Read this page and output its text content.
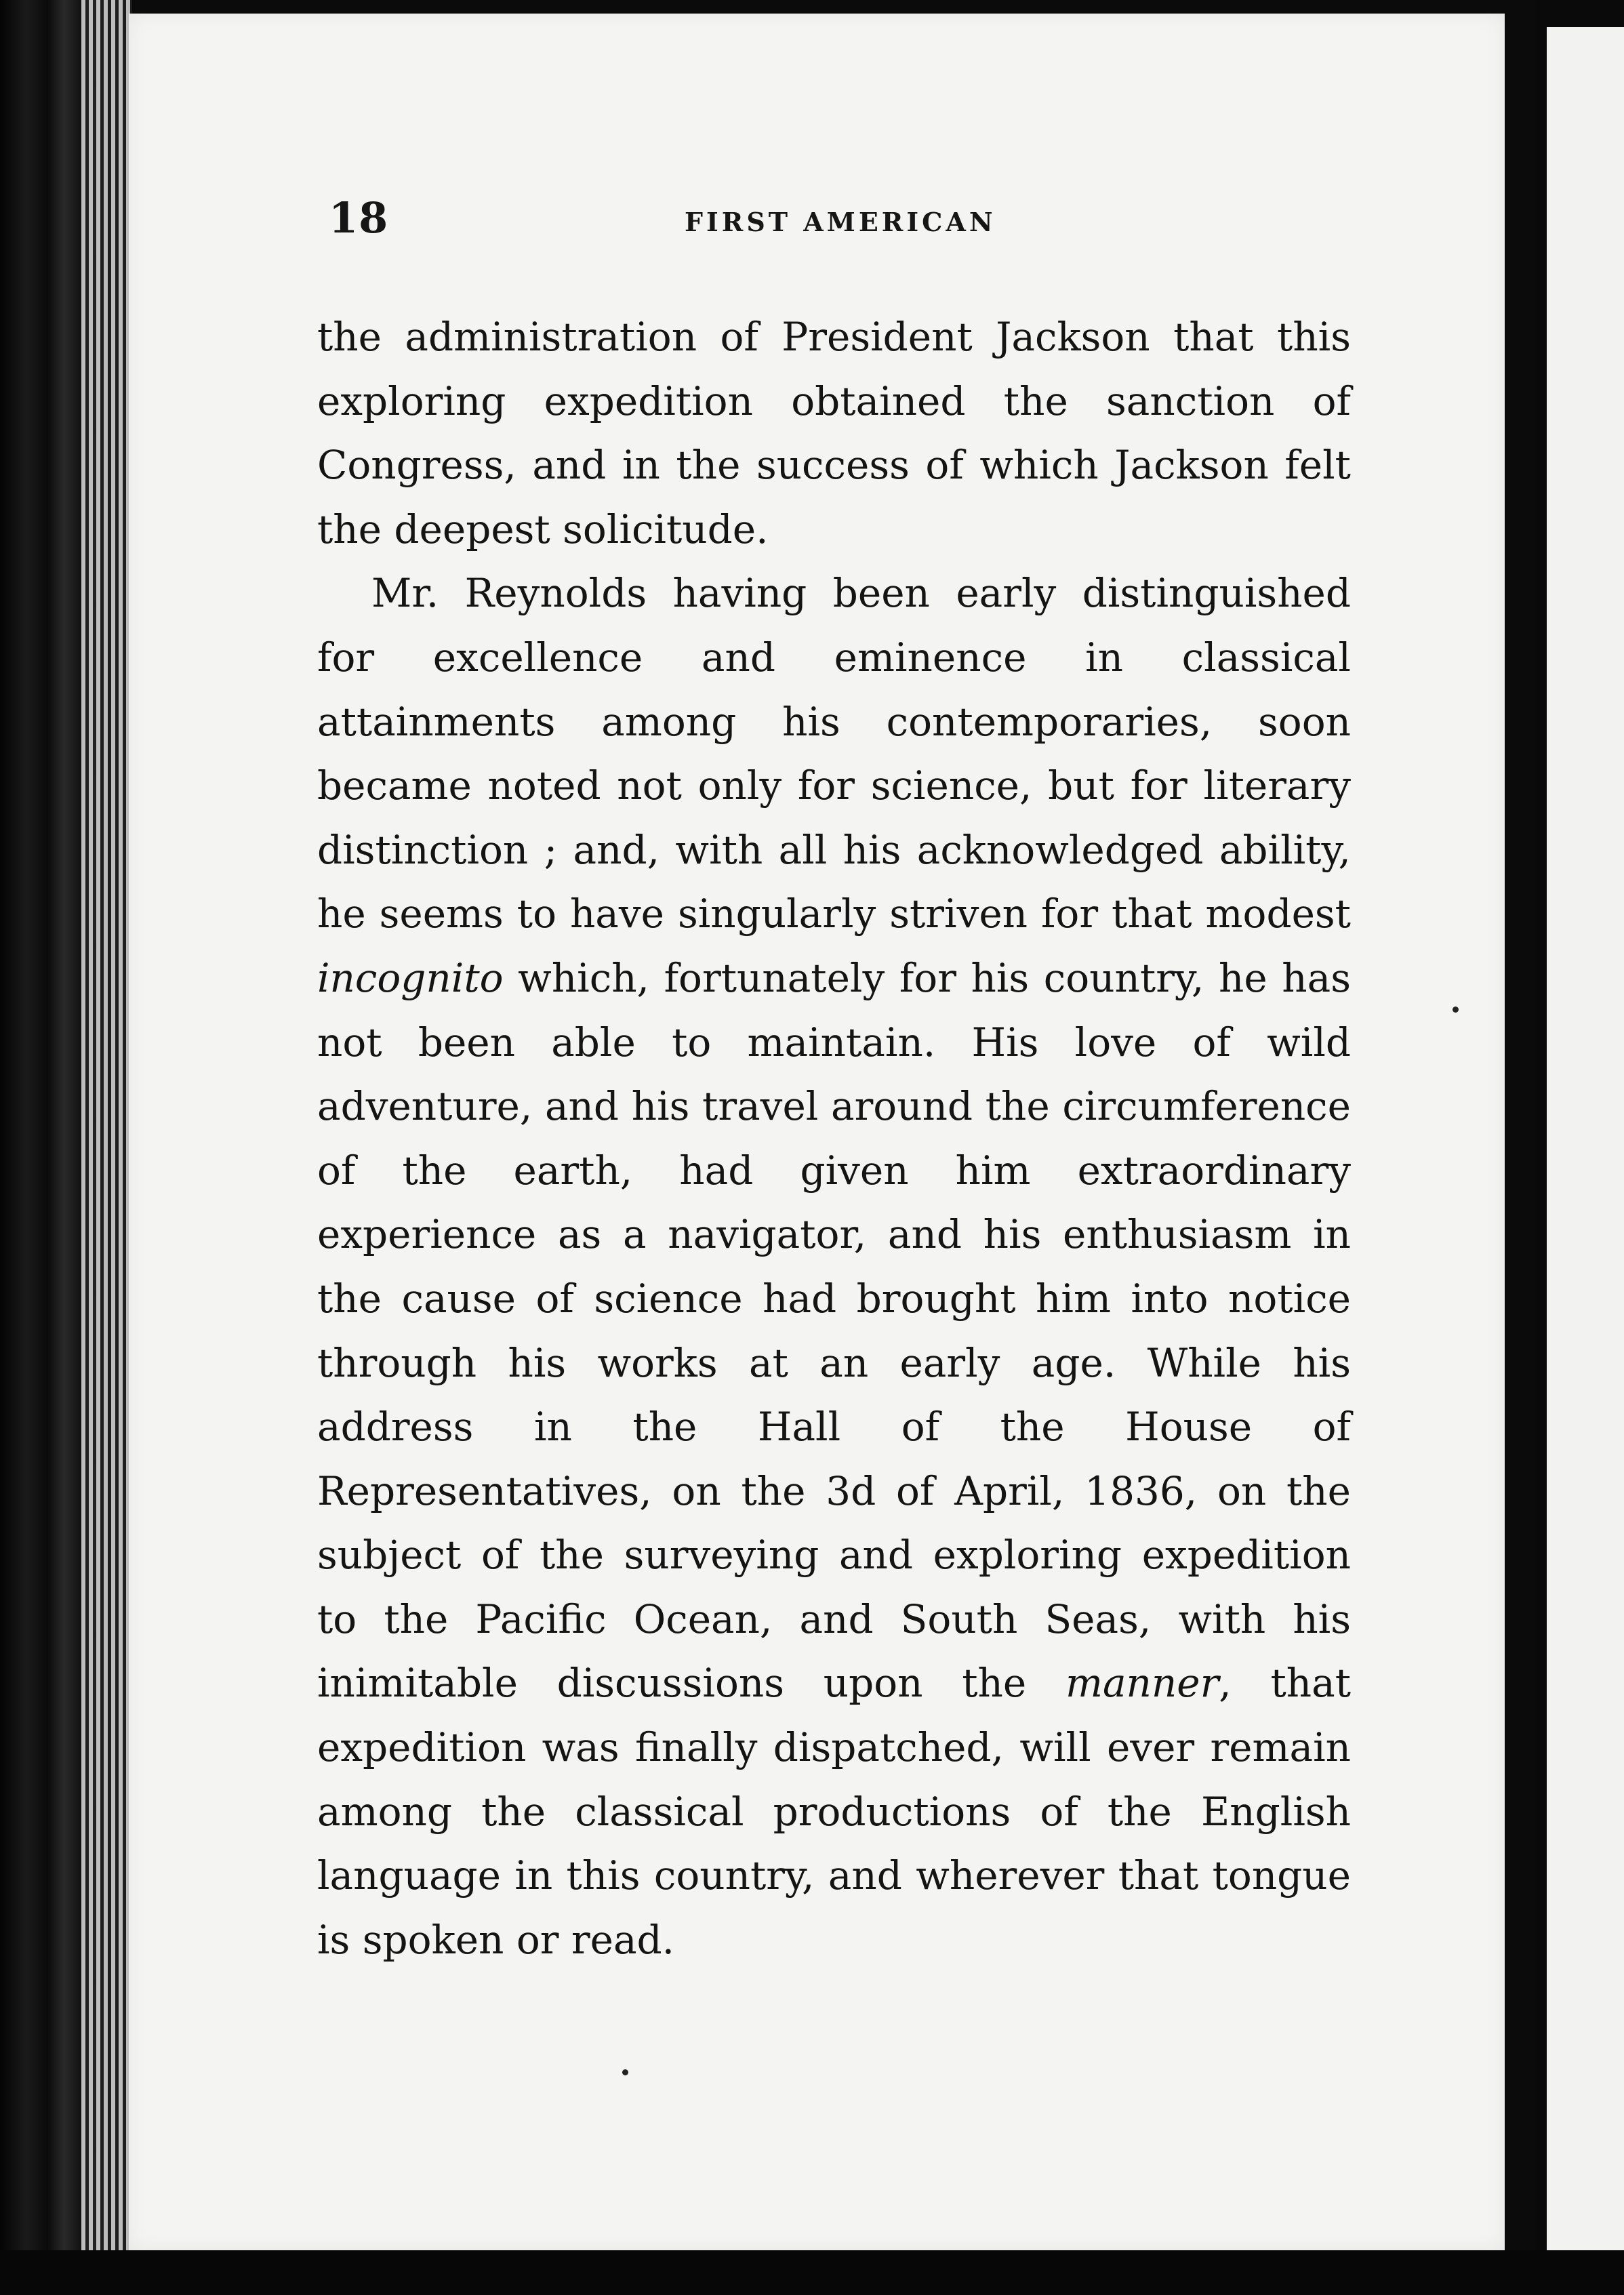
18	FIRST AMERICAN

the administration of President Jackson that this exploring expedition obtained the sanction of Congress, and in the success of which Jackson felt the deepest solicitude.

Mr. Reynolds having been early distinguished for excellence and eminence in classical attainments among his contemporaries, soon became noted not only for science, but for literary distinction ; and, with all his acknowledged ability, he seems to have singularly striven for that modest incognito which, fortunately for his country, he has not been able to maintain. His love of wild adventure, and his travel around the circumference of the earth, had given him extraordinary experience as a navigator, and his enthusiasm in the cause of science had brought him into notice through his works at an early age. While his address in the Hall of the House of Representatives, on the 3d of April, 1836, on the subject of the surveying and exploring expedition to the Pacific Ocean, and South Seas, with his inimitable discussions upon the manner, that expedition was finally dispatched, will ever remain among the classical productions of the English language in this country, and wherever that tongue is spoken or read.
